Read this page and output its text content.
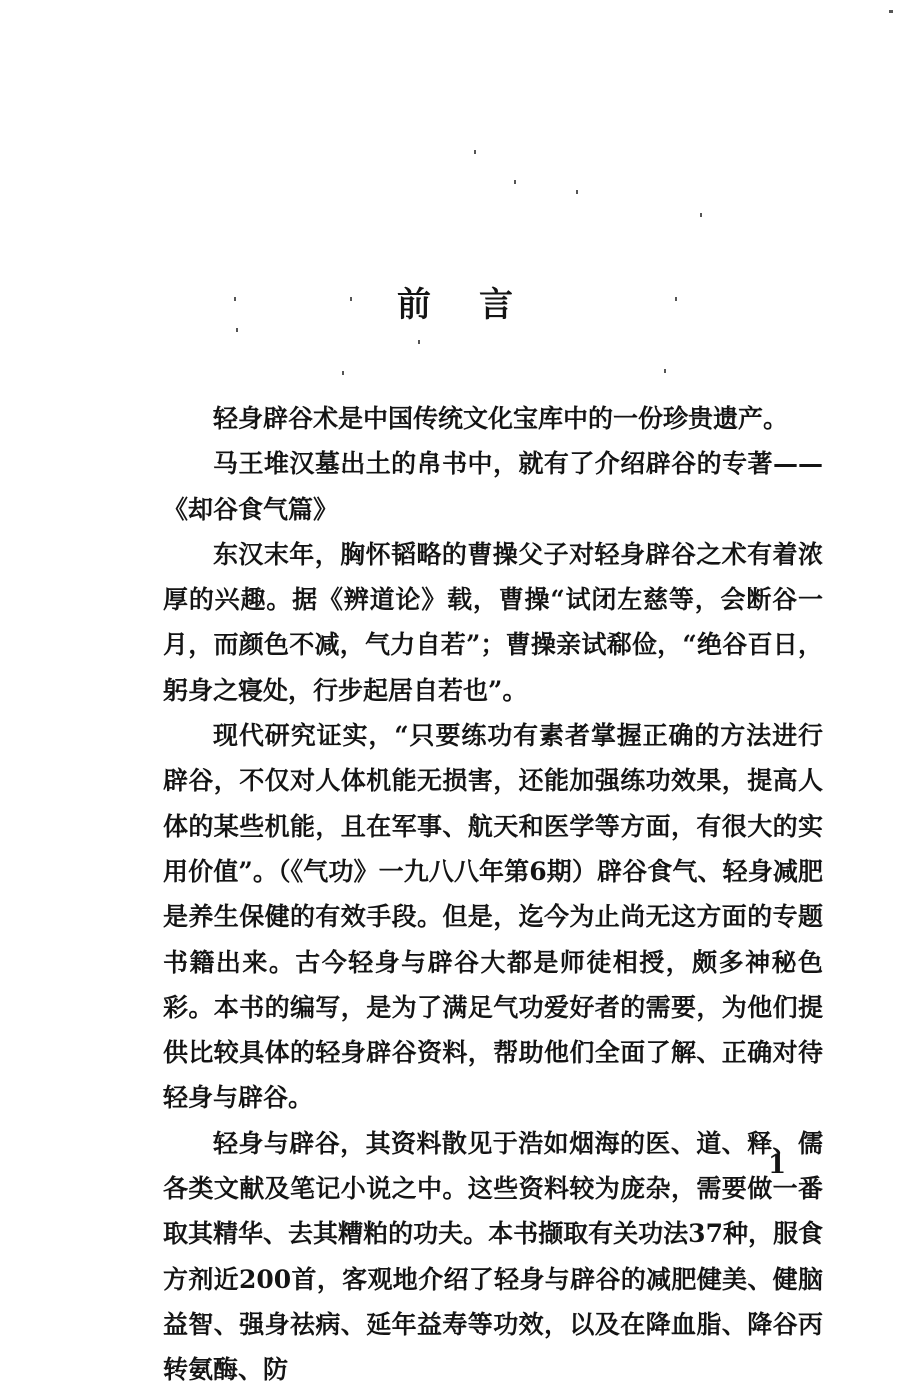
前言

轻身辟谷术是中国传统文化宝库中的一份珍贵遗产。

马王堆汉墓出土的帛书中，就有了介绍辟谷的专著——《却谷食气篇》

东汉末年，胸怀韬略的曹操父子对轻身辟谷之术有着浓厚的兴趣。据《辨道论》载，曹操“试闭左慈等，会断谷一月，而颜色不减，气力自若”；曹操亲试郗俭，“绝谷百日，躬身之寝处，行步起居自若也”。

现代研究证实，“只要练功有素者掌握正确的方法进行辟谷，不仅对人体机能无损害，还能加强练功效果，提高人体的某些机能，且在军事、航天和医学等方面，有很大的实用价值”。（《气功》一九八八年第6期）辟谷食气、轻身减肥是养生保健的有效手段。但是，迄今为止尚无这方面的专题书籍出来。古今轻身与辟谷大都是师徒相授，颇多神秘色彩。本书的编写，是为了满足气功爱好者的需要，为他们提供比较具体的轻身辟谷资料，帮助他们全面了解、正确对待轻身与辟谷。

轻身与辟谷，其资料散见于浩如烟海的医、道、释、儒各类文献及笔记小说之中。这些资料较为庞杂，需要做一番取其精华、去其糟粕的功夫。本书撷取有关功法37种，服食方剂近200首，客观地介绍了轻身与辟谷的减肥健美、健脑益智、强身祛病、延年益寿等功效，以及在降血脂、降谷丙转氨酶、防

1
